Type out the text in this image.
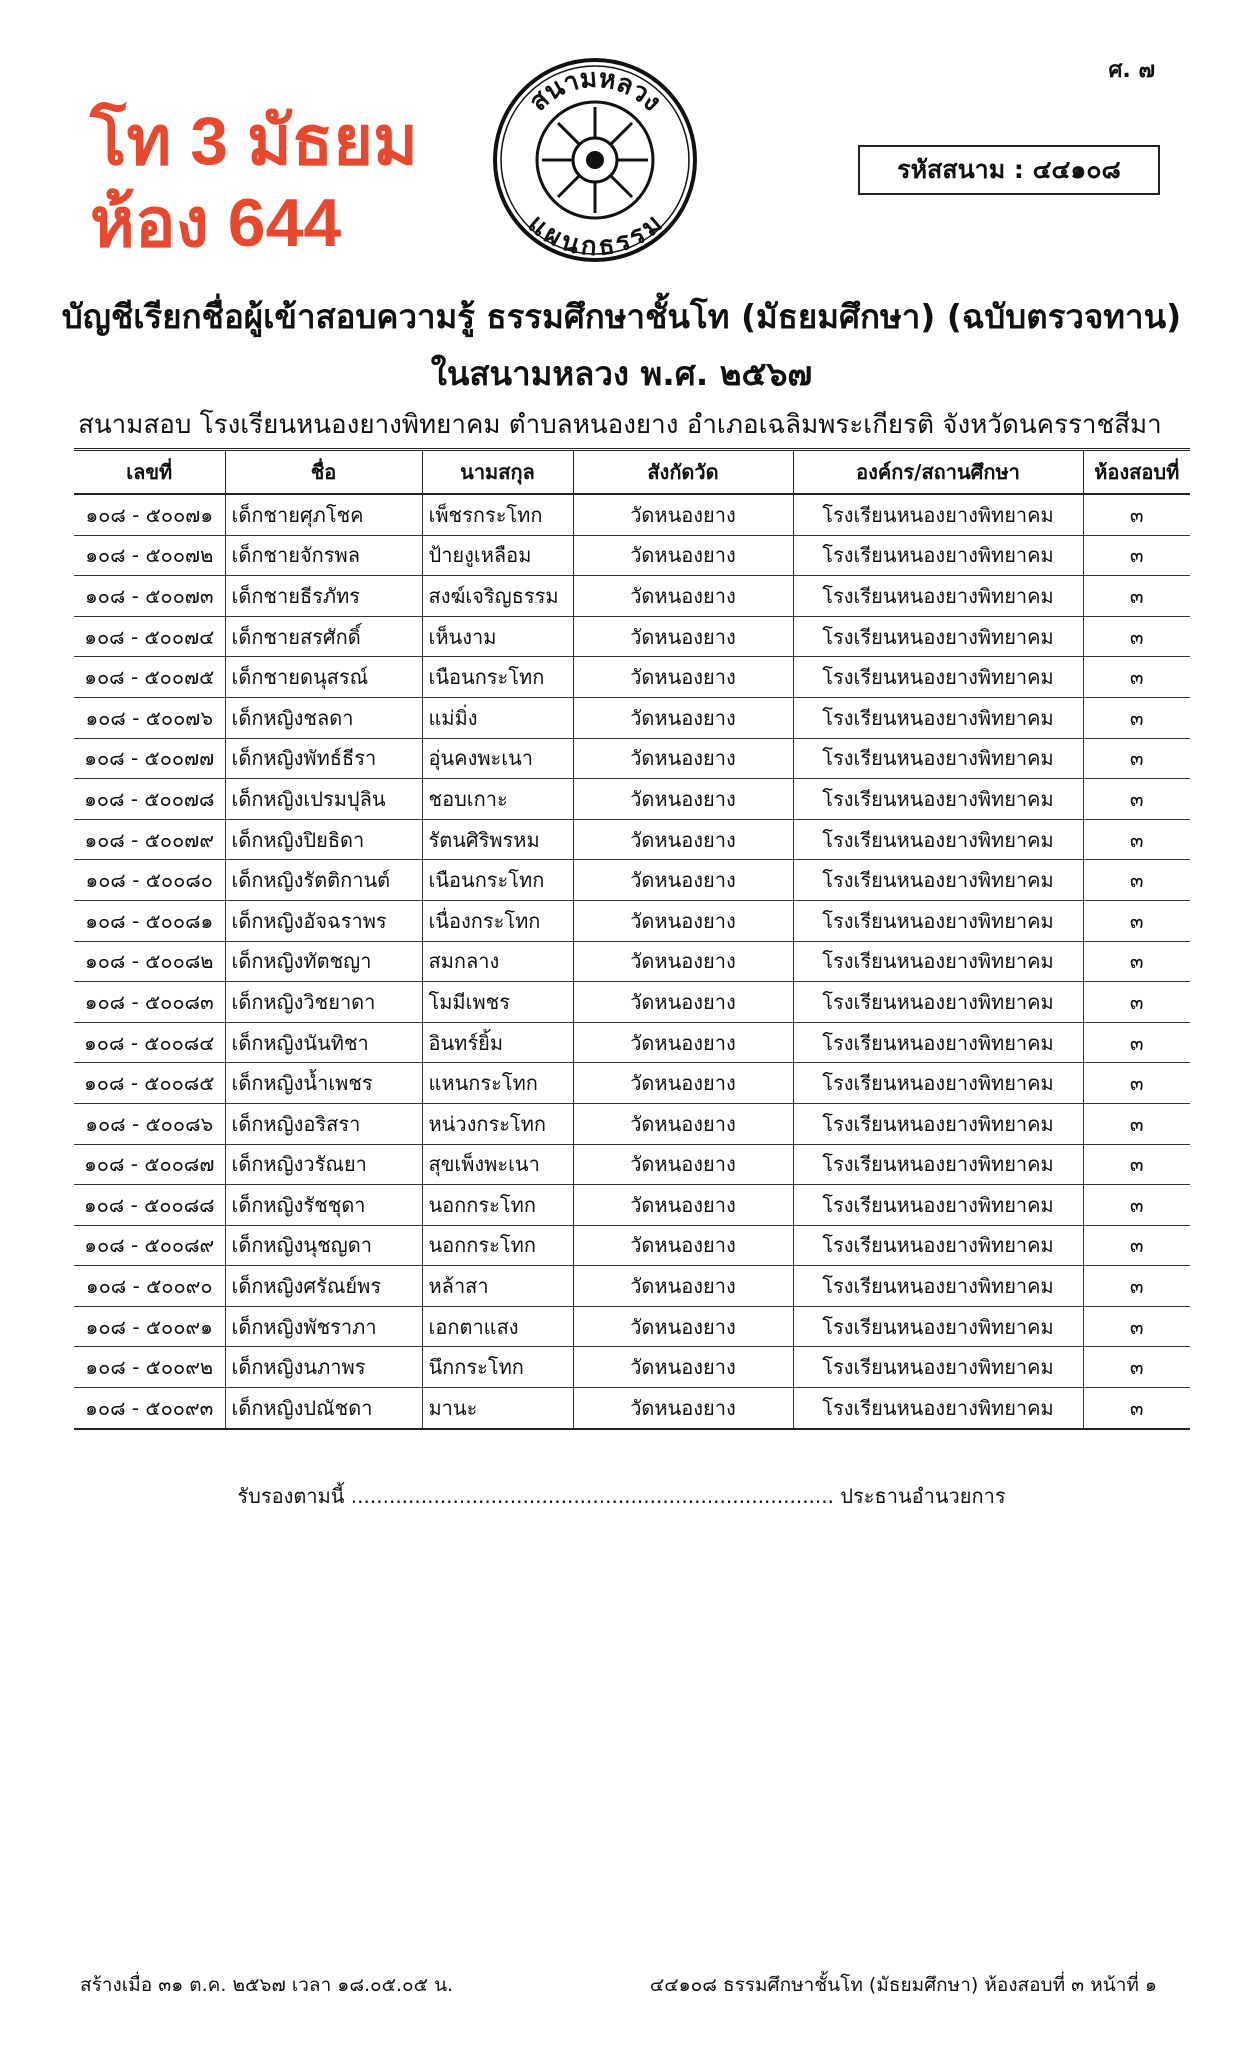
ศ. ๗
โท 3 มัธยม
ห้อง 644
สนามหลวง
แผนกธรรม
รหัสสนาม : ๔๔๑๐๘
บัญชีเรียกชื่อผู้เข้าสอบความรู้ ธรรมศึกษาชั้นโท (มัธยมศึกษา) (ฉบับตรวจทาน)
ในสนามหลวง พ.ศ. ๒๕๖๗
สนามสอบ โรงเรียนหนองยางพิทยาคม ตำบลหนองยาง อำเภอเฉลิมพระเกียรติ จังหวัดนครราชสีมา
เลขที่	ชื่อ	นามสกุล	สังกัดวัด	องค์กร/สถานศึกษา	ห้องสอบที่
๑๐๘ - ๕๐๐๗๑	เด็กชายศุภโชค	เพ็ชรกระโทก	วัดหนองยาง	โรงเรียนหนองยางพิทยาคม	๓
๑๐๘ - ๕๐๐๗๒	เด็กชายจักรพล	ป้ายงูเหลือม	วัดหนองยาง	โรงเรียนหนองยางพิทยาคม	๓
๑๐๘ - ๕๐๐๗๓	เด็กชายธีรภัทร	สงฆ์เจริญธรรม	วัดหนองยาง	โรงเรียนหนองยางพิทยาคม	๓
๑๐๘ - ๕๐๐๗๔	เด็กชายสรศักดิ์	เห็นงาม	วัดหนองยาง	โรงเรียนหนองยางพิทยาคม	๓
๑๐๘ - ๕๐๐๗๕	เด็กชายดนุสรณ์	เนือนกระโทก	วัดหนองยาง	โรงเรียนหนองยางพิทยาคม	๓
๑๐๘ - ๕๐๐๗๖	เด็กหญิงชลดา	แม่มิ่ง	วัดหนองยาง	โรงเรียนหนองยางพิทยาคม	๓
๑๐๘ - ๕๐๐๗๗	เด็กหญิงพัทธ์ธีรา	อุ่นคงพะเนา	วัดหนองยาง	โรงเรียนหนองยางพิทยาคม	๓
๑๐๘ - ๕๐๐๗๘	เด็กหญิงเปรมปุลิน	ชอบเกาะ	วัดหนองยาง	โรงเรียนหนองยางพิทยาคม	๓
๑๐๘ - ๕๐๐๗๙	เด็กหญิงปิยธิดา	รัตนศิริพรหม	วัดหนองยาง	โรงเรียนหนองยางพิทยาคม	๓
๑๐๘ - ๕๐๐๘๐	เด็กหญิงรัตติกานต์	เนือนกระโทก	วัดหนองยาง	โรงเรียนหนองยางพิทยาคม	๓
๑๐๘ - ๕๐๐๘๑	เด็กหญิงอัจฉราพร	เนื่องกระโทก	วัดหนองยาง	โรงเรียนหนองยางพิทยาคม	๓
๑๐๘ - ๕๐๐๘๒	เด็กหญิงทัตชญา	สมกลาง	วัดหนองยาง	โรงเรียนหนองยางพิทยาคม	๓
๑๐๘ - ๕๐๐๘๓	เด็กหญิงวิชยาดา	โมมีเพชร	วัดหนองยาง	โรงเรียนหนองยางพิทยาคม	๓
๑๐๘ - ๕๐๐๘๔	เด็กหญิงนันทิชา	อินทร์ยิ้ม	วัดหนองยาง	โรงเรียนหนองยางพิทยาคม	๓
๑๐๘ - ๕๐๐๘๕	เด็กหญิงน้ำเพชร	แหนกระโทก	วัดหนองยาง	โรงเรียนหนองยางพิทยาคม	๓
๑๐๘ - ๕๐๐๘๖	เด็กหญิงอริสรา	หน่วงกระโทก	วัดหนองยาง	โรงเรียนหนองยางพิทยาคม	๓
๑๐๘ - ๕๐๐๘๗	เด็กหญิงวรัณยา	สุขเพ็งพะเนา	วัดหนองยาง	โรงเรียนหนองยางพิทยาคม	๓
๑๐๘ - ๕๐๐๘๘	เด็กหญิงรัชชุดา	นอกกระโทก	วัดหนองยาง	โรงเรียนหนองยางพิทยาคม	๓
๑๐๘ - ๕๐๐๘๙	เด็กหญิงนุชญดา	นอกกระโทก	วัดหนองยาง	โรงเรียนหนองยางพิทยาคม	๓
๑๐๘ - ๕๐๐๙๐	เด็กหญิงศรัณย์พร	หล้าสา	วัดหนองยาง	โรงเรียนหนองยางพิทยาคม	๓
๑๐๘ - ๕๐๐๙๑	เด็กหญิงพัชราภา	เอกตาแสง	วัดหนองยาง	โรงเรียนหนองยางพิทยาคม	๓
๑๐๘ - ๕๐๐๙๒	เด็กหญิงนภาพร	นึกกระโทก	วัดหนองยาง	โรงเรียนหนองยางพิทยาคม	๓
๑๐๘ - ๕๐๐๙๓	เด็กหญิงปณัชดา	มานะ	วัดหนองยาง	โรงเรียนหนองยางพิทยาคม	๓
รับรองตามนี้ ............................................................................ ประธานอำนวยการ
สร้างเมื่อ ๓๑ ต.ค. ๒๕๖๗ เวลา ๑๘.๐๕.๐๕ น.	๔๔๑๐๘ ธรรมศึกษาชั้นโท (มัธยมศึกษา) ห้องสอบที่ ๓ หน้าที่ ๑
